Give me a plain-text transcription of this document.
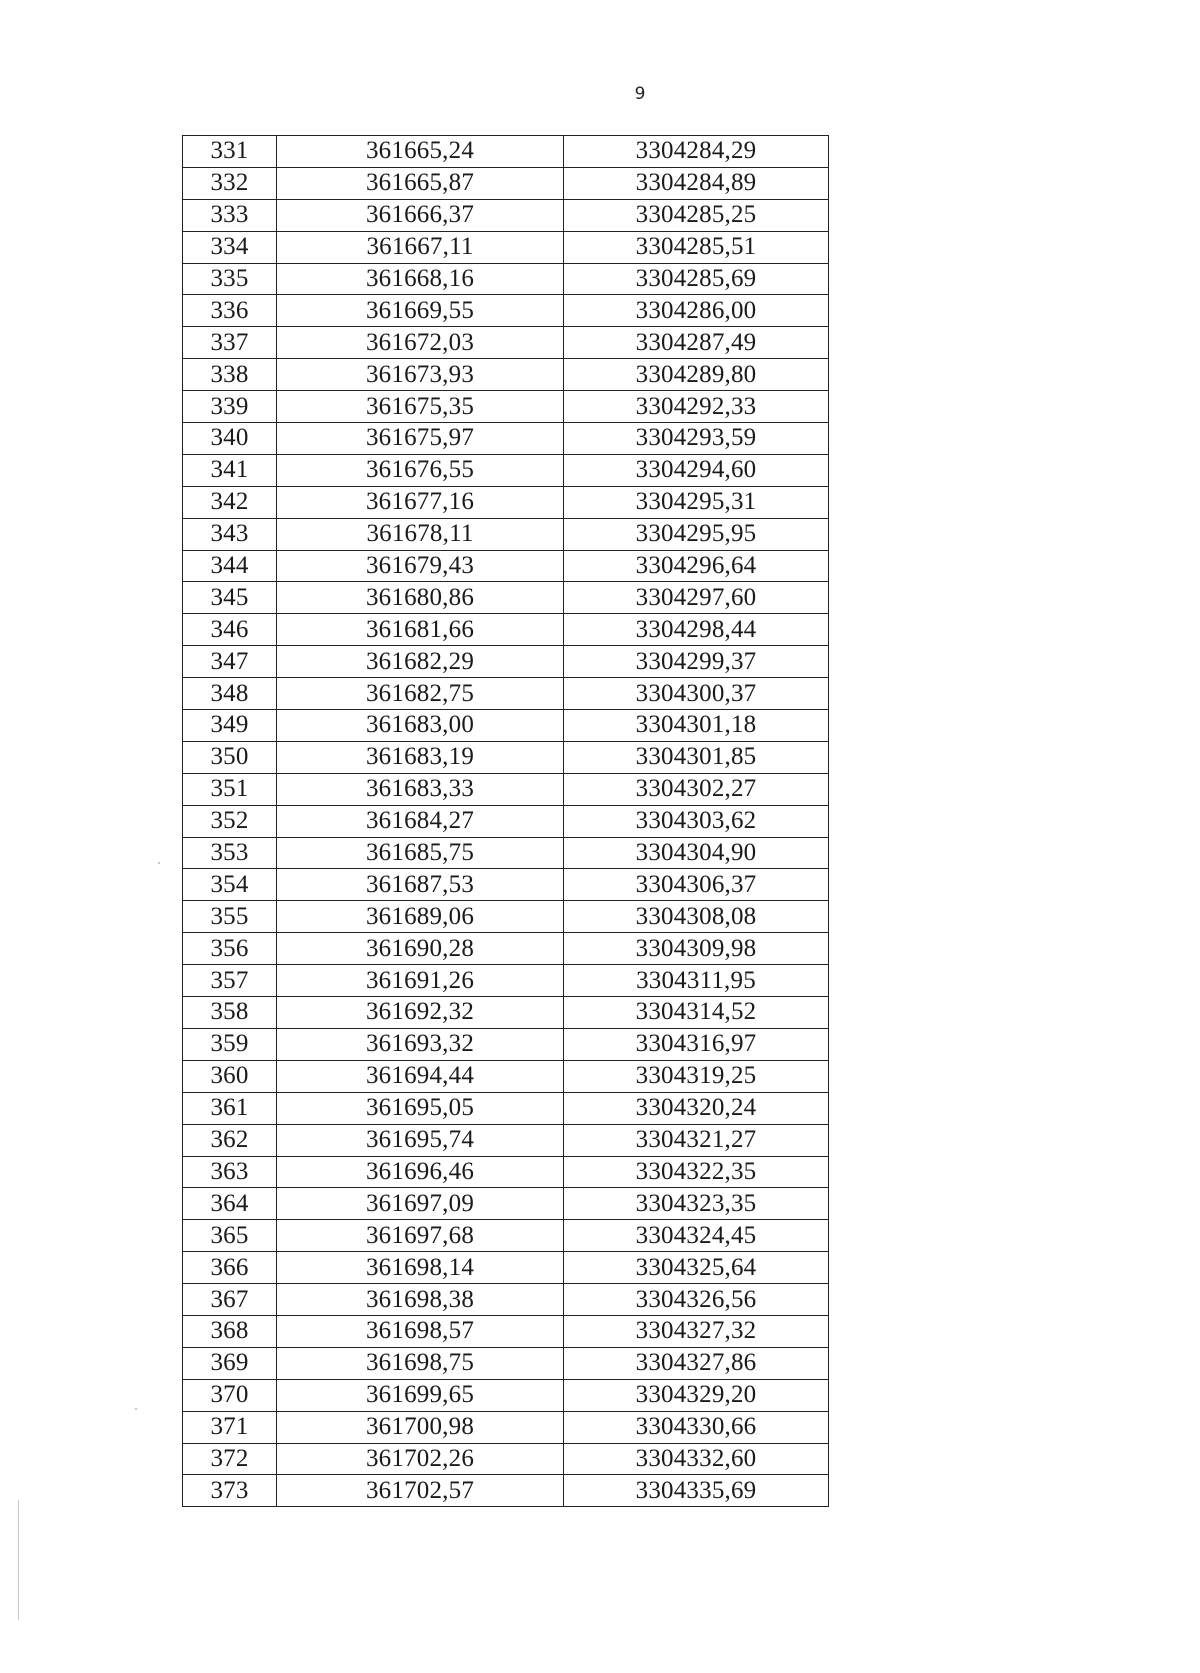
9
331	361665,24	3304284,29
332	361665,87	3304284,89
333	361666,37	3304285,25
334	361667,11	3304285,51
335	361668,16	3304285,69
336	361669,55	3304286,00
337	361672,03	3304287,49
338	361673,93	3304289,80
339	361675,35	3304292,33
340	361675,97	3304293,59
341	361676,55	3304294,60
342	361677,16	3304295,31
343	361678,11	3304295,95
344	361679,43	3304296,64
345	361680,86	3304297,60
346	361681,66	3304298,44
347	361682,29	3304299,37
348	361682,75	3304300,37
349	361683,00	3304301,18
350	361683,19	3304301,85
351	361683,33	3304302,27
352	361684,27	3304303,62
353	361685,75	3304304,90
354	361687,53	3304306,37
355	361689,06	3304308,08
356	361690,28	3304309,98
357	361691,26	3304311,95
358	361692,32	3304314,52
359	361693,32	3304316,97
360	361694,44	3304319,25
361	361695,05	3304320,24
362	361695,74	3304321,27
363	361696,46	3304322,35
364	361697,09	3304323,35
365	361697,68	3304324,45
366	361698,14	3304325,64
367	361698,38	3304326,56
368	361698,57	3304327,32
369	361698,75	3304327,86
370	361699,65	3304329,20
371	361700,98	3304330,66
372	361702,26	3304332,60
373	361702,57	3304335,69
